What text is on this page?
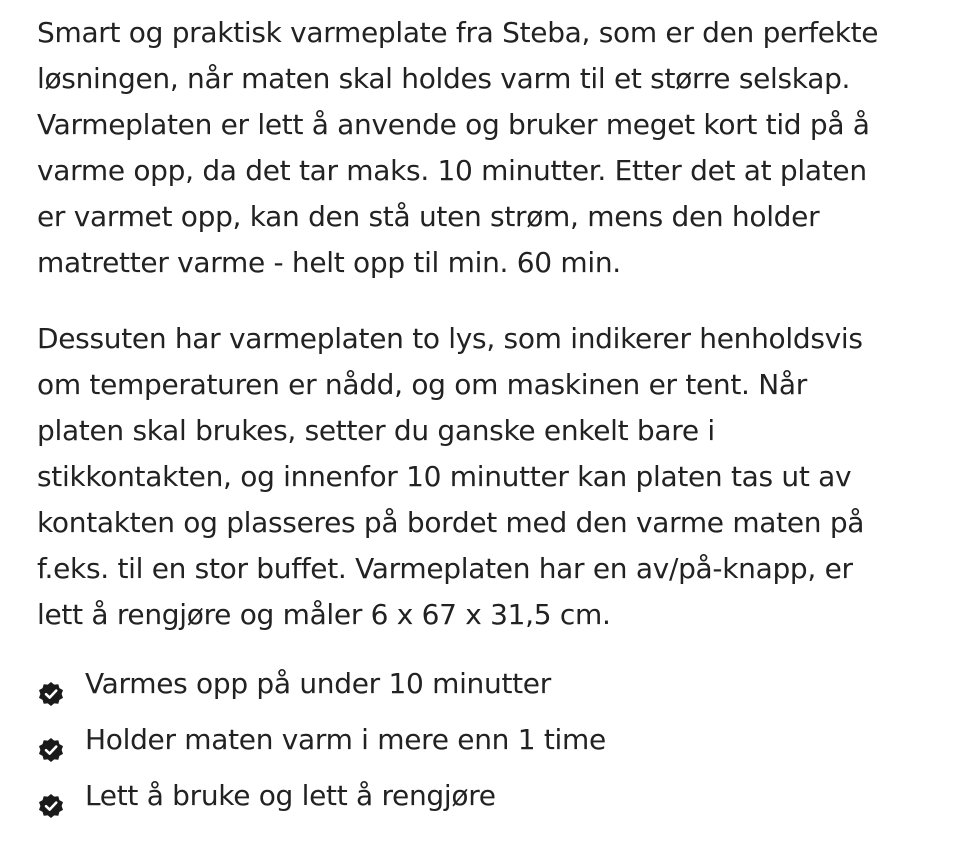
Smart og praktisk varmeplate fra Steba, som er den perfekte
løsningen, når maten skal holdes varm til et større selskap.
Varmeplaten er lett å anvende og bruker meget kort tid på å
varme opp, da det tar maks. 10 minutter. Etter det at platen
er varmet opp, kan den stå uten strøm, mens den holder
matretter varme - helt opp til min. 60 min.
Dessuten har varmeplaten to lys, som indikerer henholdsvis
om temperaturen er nådd, og om maskinen er tent. Når
platen skal brukes, setter du ganske enkelt bare i
stikkontakten, og innenfor 10 minutter kan platen tas ut av
kontakten og plasseres på bordet med den varme maten på
f.eks. til en stor buffet. Varmeplaten har en av/på-knapp, er
lett å rengjøre og måler 6 x 67 x 31,5 cm.
Varmes opp på under 10 minutter
Holder maten varm i mere enn 1 time
Lett å bruke og lett å rengjøre
